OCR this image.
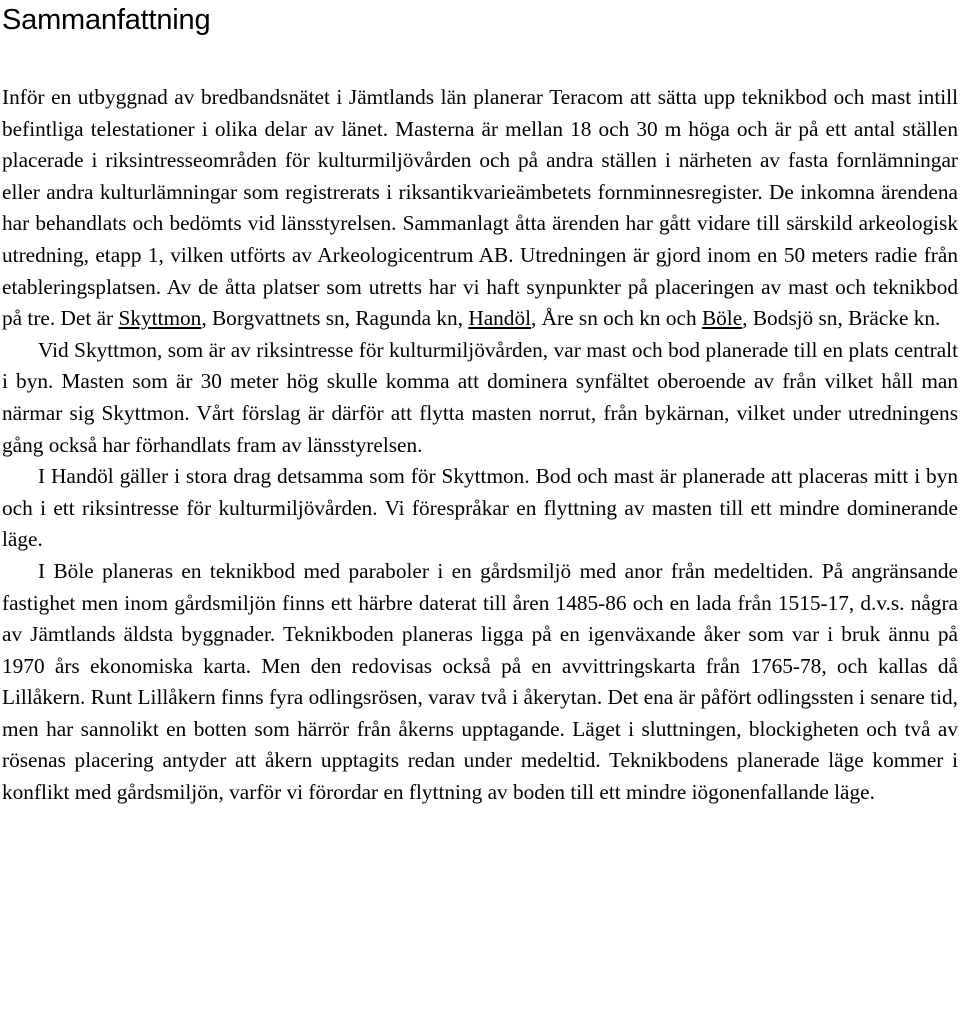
Sammanfattning

Inför en utbyggnad av bredbandsnätet i Jämtlands län planerar Teracom att sätta upp teknikbod och mast intill befintliga telestationer i olika delar av länet. Masterna är mellan 18 och 30 m höga och är på ett antal ställen placerade i riksintresseområden för kulturmiljövården och på andra ställen i närheten av fasta fornlämningar eller andra kulturlämningar som registrerats i riksantikvarieämbetets fornminnesregister. De inkomna ärendena har behandlats och bedömts vid länsstyrelsen. Sammanlagt åtta ärenden har gått vidare till särskild arkeologisk utredning, etapp 1, vilken utförts av Arkeologicentrum AB. Utredningen är gjord inom en 50 meters radie från etableringsplatsen. Av de åtta platser som utretts har vi haft synpunkter på placeringen av mast och teknikbod på tre. Det är Skyttmon, Borgvattnets sn, Ragunda kn, Handöl, Åre sn och kn och Böle, Bodsjö sn, Bräcke kn.

Vid Skyttmon, som är av riksintresse för kulturmiljövården, var mast och bod planerade till en plats centralt i byn. Masten som är 30 meter hög skulle komma att dominera synfältet oberoende av från vilket håll man närmar sig Skyttmon. Vårt förslag är därför att flytta masten norrut, från bykärnan, vilket under utredningens gång också har förhandlats fram av länsstyrelsen.

I Handöl gäller i stora drag detsamma som för Skyttmon. Bod och mast är planerade att placeras mitt i byn och i ett riksintresse för kulturmiljövården. Vi förespråkar en flyttning av masten till ett mindre dominerande läge.

I Böle planeras en teknikbod med paraboler i en gårdsmiljö med anor från medeltiden. På angränsande fastighet men inom gårdsmiljön finns ett härbre daterat till åren 1485-86 och en lada från 1515-17, d.v.s. några av Jämtlands äldsta byggnader. Teknikboden planeras ligga på en igenväxande åker som var i bruk ännu på 1970 års ekonomiska karta. Men den redovisas också på en avvittringskarta från 1765-78, och kallas då Lillåkern. Runt Lillåkern finns fyra odlingsrösen, varav två i åkerytan. Det ena är påfört odlingssten i senare tid, men har sannolikt en botten som härrör från åkerns upptagande. Läget i sluttningen, blockigheten och två av rösenas placering antyder att åkern upptagits redan under medeltid. Teknikbodens planerade läge kommer i konflikt med gårdsmiljön, varför vi förordar en flyttning av boden till ett mindre iögonenfallande läge.
